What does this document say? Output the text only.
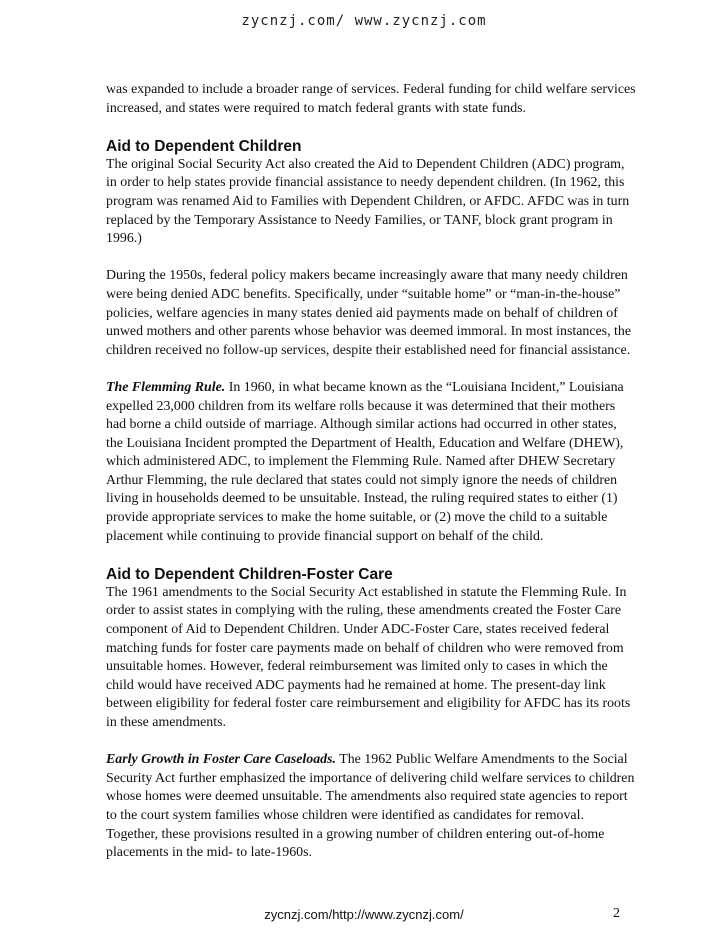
zycnzj.com/ www.zycnzj.com

was expanded to include a broader range of services. Federal funding for child welfare services increased, and states were required to match federal grants with state funds.

Aid to Dependent Children

The original Social Security Act also created the Aid to Dependent Children (ADC) program, in order to help states provide financial assistance to needy dependent children. (In 1962, this program was renamed Aid to Families with Dependent Children, or AFDC. AFDC was in turn replaced by the Temporary Assistance to Needy Families, or TANF, block grant program in 1996.)

During the 1950s, federal policy makers became increasingly aware that many needy children were being denied ADC benefits. Specifically, under “suitable home” or “man-in-the-house” policies, welfare agencies in many states denied aid payments made on behalf of children of unwed mothers and other parents whose behavior was deemed immoral. In most instances, the children received no follow-up services, despite their established need for financial assistance.

The Flemming Rule. In 1960, in what became known as the “Louisiana Incident,” Louisiana expelled 23,000 children from its welfare rolls because it was determined that their mothers had borne a child outside of marriage. Although similar actions had occurred in other states, the Louisiana Incident prompted the Department of Health, Education and Welfare (DHEW), which administered ADC, to implement the Flemming Rule. Named after DHEW Secretary Arthur Flemming, the rule declared that states could not simply ignore the needs of children living in households deemed to be unsuitable. Instead, the ruling required states to either (1) provide appropriate services to make the home suitable, or (2) move the child to a suitable placement while continuing to provide financial support on behalf of the child.

Aid to Dependent Children-Foster Care

The 1961 amendments to the Social Security Act established in statute the Flemming Rule. In order to assist states in complying with the ruling, these amendments created the Foster Care component of Aid to Dependent Children. Under ADC-Foster Care, states received federal matching funds for foster care payments made on behalf of children who were removed from unsuitable homes. However, federal reimbursement was limited only to cases in which the child would have received ADC payments had he remained at home. The present-day link between eligibility for federal foster care reimbursement and eligibility for AFDC has its roots in these amendments.

Early Growth in Foster Care Caseloads. The 1962 Public Welfare Amendments to the Social Security Act further emphasized the importance of delivering child welfare services to children whose homes were deemed unsuitable. The amendments also required state agencies to report to the court system families whose children were identified as candidates for removal. Together, these provisions resulted in a growing number of children entering out-of-home placements in the mid- to late-1960s.

zycnzj.com/http://www.zycnzj.com/	2
